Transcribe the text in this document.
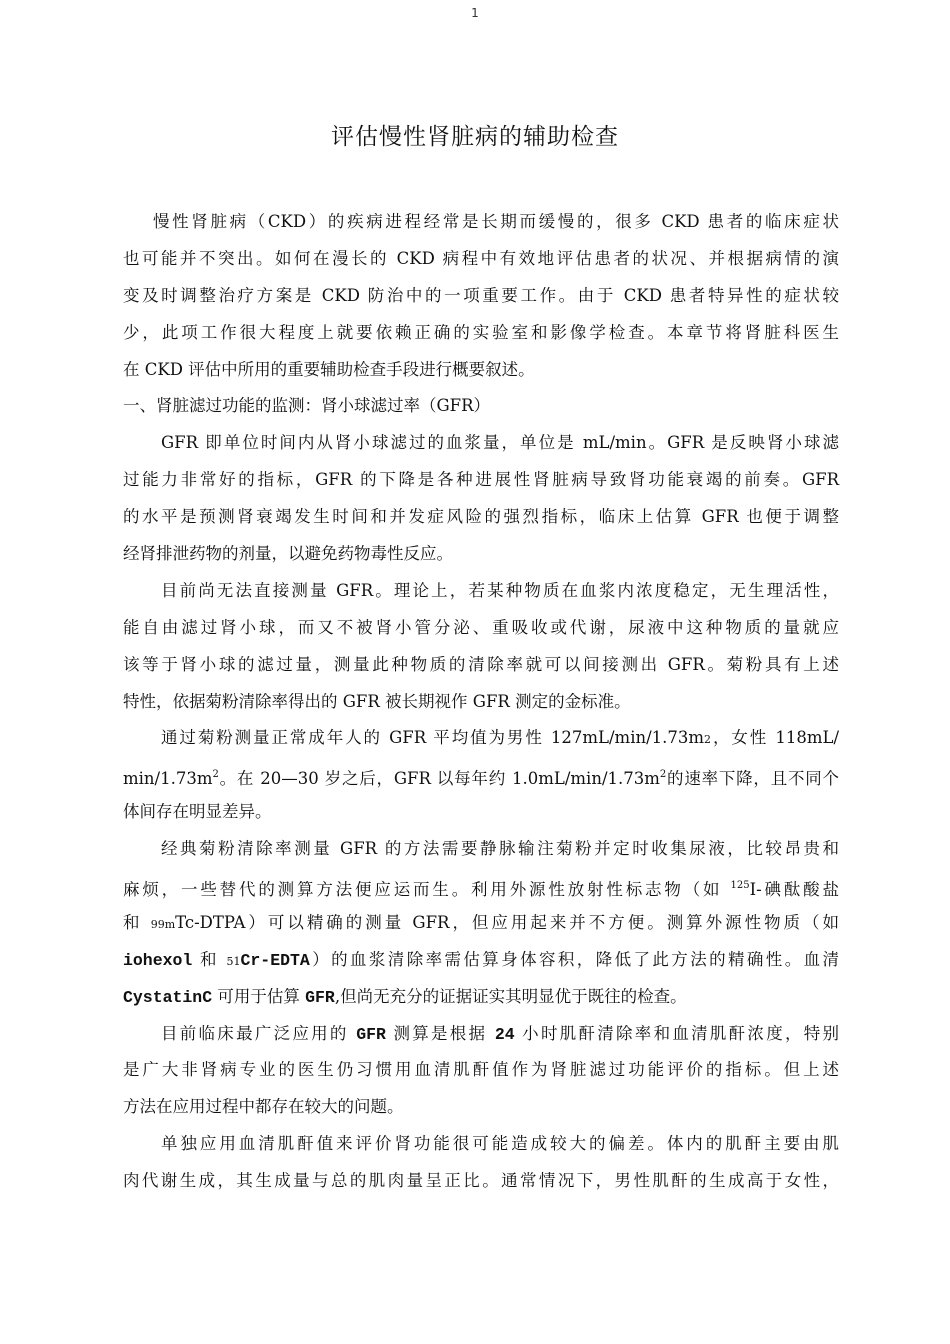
1
评估慢性肾脏病的辅助检查
慢性肾脏病（CKD）的疾病进程经常是长期而缓慢的，很多 CKD 患者的临床症状
也可能并不突出。如何在漫长的 CKD 病程中有效地评估患者的状况、并根据病情的演
变及时调整治疗方案是 CKD 防治中的一项重要工作。由于 CKD 患者特异性的症状较
少，此项工作很大程度上就要依赖正确的实验室和影像学检查。本章节将肾脏科医生
在 CKD 评估中所用的重要辅助检查手段进行概要叙述。
一、肾脏滤过功能的监测：肾小球滤过率（GFR）
GFR 即单位时间内从肾小球滤过的血浆量，单位是 mL/min。GFR 是反映肾小球滤
过能力非常好的指标，GFR 的下降是各种进展性肾脏病导致肾功能衰竭的前奏。GFR
的水平是预测肾衰竭发生时间和并发症风险的强烈指标，临床上估算 GFR 也便于调整
经肾排泄药物的剂量，以避免药物毒性反应。
目前尚无法直接测量 GFR。理论上，若某种物质在血浆内浓度稳定，无生理活性，
能自由滤过肾小球，而又不被肾小管分泌、重吸收或代谢，尿液中这种物质的量就应
该等于肾小球的滤过量，测量此种物质的清除率就可以间接测出 GFR。菊粉具有上述
特性，依据菊粉清除率得出的 GFR 被长期视作 GFR 测定的金标准。
通过菊粉测量正常成年人的 GFR 平均值为男性 127mL/min/1.73m2，女性 118mL/
$\min/1.73m^2$。在 20—30 岁之后，GFR 以每年约 $1.0mL/\min/1.73m^2$的速率下降，且不同个
体间存在明显差异。
经典菊粉清除率测量 GFR 的方法需要静脉输注菊粉并定时收集尿液，比较昂贵和
麻烦，一些替代的测算方法便应运而生。利用外源性放射性标志物（如 $^{125}$I-碘酞酸盐
和 99mTc-DTPA）可以精确的测量 GFR，但应用起来并不方便。测算外源性物质（如
iohexol 和 51Cr-EDTA）的血浆清除率需估算身体容积，降低了此方法的精确性。血清
CystatinC 可用于估算 GFR,但尚无充分的证据证实其明显优于既往的检查。
目前临床最广泛应用的 GFR 测算是根据 24 小时肌酐清除率和血清肌酐浓度，特别
是广大非肾病专业的医生仍习惯用血清肌酐值作为肾脏滤过功能评价的指标。但上述
方法在应用过程中都存在较大的问题。
单独应用血清肌酐值来评价肾功能很可能造成较大的偏差。体内的肌酐主要由肌
肉代谢生成，其生成量与总的肌肉量呈正比。通常情况下，男性肌酐的生成高于女性，
